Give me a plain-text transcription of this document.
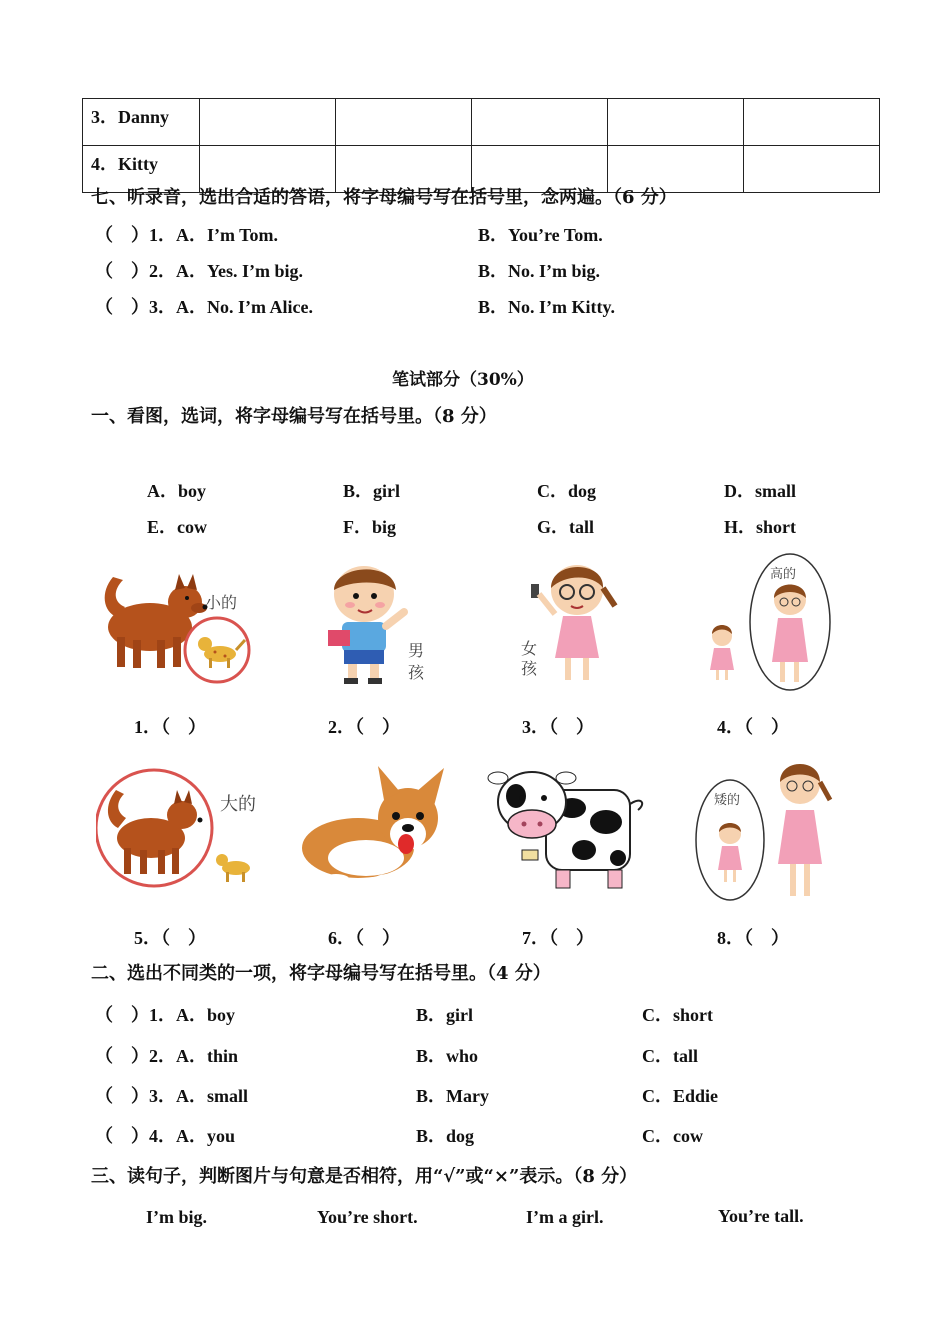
3．Danny					
4．Kitty					
七、听录音，选出合适的答语，将字母编号写在括号里，念两遍。（6 分）
（　）1．A．I’m Tom.	B．You’re Tom.
（　）2．A．Yes. I’m big.	B．No. I’m big.
（　）3．A．No. I’m Alice.	B．No. I’m Kitty.
笔试部分（30%）
一、看图，选词，将字母编号写在括号里。（8 分）
A．boy	B．girl	C．dog	D．small
E．cow	F．big	G．tall	H．short
小的
男
孩
女
孩
高的
1．（　）	2．（　）	3．（　）	4．（　）
大的	矮的
5．（　）	6．（　）	7．（　）	8．（　）
二、选出不同类的一项，将字母编号写在括号里。（4 分）
（　）1．A．boy	B．girl	C．short
（　）2．A．thin	B．who	C．tall
（　）3．A．small	B．Mary	C．Eddie
（　）4．A．you	B．dog	C．cow
三、读句子，判断图片与句意是否相符，用“√”或“×”表示。（8 分）
I’m big.	You’re short.	I’m a girl.	You’re tall.
